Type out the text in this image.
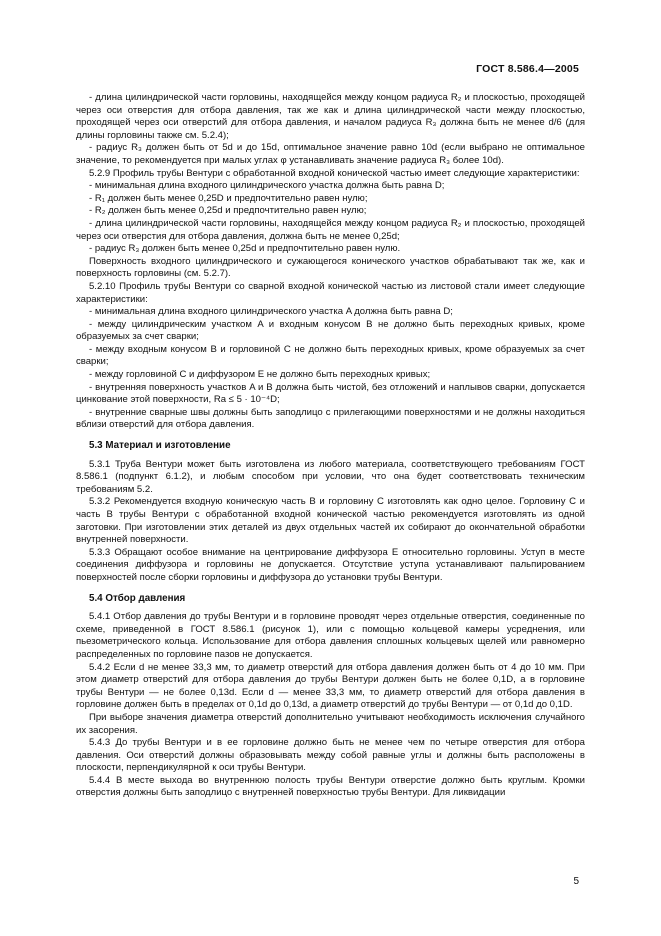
ГОСТ 8.586.4—2005

- длина цилиндрической части горловины, находящейся между концом радиуса R₂ и плоскостью, проходящей через оси отверстия для отбора давления, так же как и длина цилиндрической части между плоскостью, проходящей через оси отверстий для отбора давления, и началом радиуса R₃ должна быть не менее d/6 (для длины горловины также см. 5.2.4);

- радиус R₃ должен быть от 5d и до 15d, оптимальное значение равно 10d (если выбрано не оптимальное значение, то рекомендуется при малых углах φ устанавливать значение радиуса R₃ более 10d).

5.2.9 Профиль трубы Вентури с обработанной входной конической частью имеет следующие характеристики:

- минимальная длина входного цилиндрического участка должна быть равна D;

- R₁ должен быть менее 0,25D и предпочтительно равен нулю;

- R₂ должен быть менее 0,25d и предпочтительно равен нулю;

- длина цилиндрической части горловины, находящейся между концом радиуса R₂ и плоскостью, проходящей через оси отверстия для отбора давления, должна быть не менее 0,25d;

- радиус R₃ должен быть менее 0,25d и предпочтительно равен нулю.

Поверхность входного цилиндрического и сужающегося конического участков обрабатывают так же, как и поверхность горловины (см. 5.2.7).

5.2.10 Профиль трубы Вентури со сварной входной конической частью из листовой стали имеет следующие характеристики:

- минимальная длина входного цилиндрического участка A должна быть равна D;

- между цилиндрическим участком A и входным конусом B не должно быть переходных кривых, кроме образуемых за счет сварки;

- между входным конусом B и горловиной C не должно быть переходных кривых, кроме образуемых за счет сварки;

- между горловиной C и диффузором E не должно быть переходных кривых;

- внутренняя поверхность участков A и B должна быть чистой, без отложений и наплывов сварки, допускается цинкование этой поверхности, Ra ≤ 5 · 10⁻⁴D;

- внутренние сварные швы должны быть заподлицо с прилегающими поверхностями и не должны находиться вблизи отверстий для отбора давления.

5.3 Материал и изготовление

5.3.1 Труба Вентури может быть изготовлена из любого материала, соответствующего требованиям ГОСТ 8.586.1 (подпункт 6.1.2), и любым способом при условии, что она будет соответствовать техническим требованиям 5.2.

5.3.2 Рекомендуется входную коническую часть B и горловину C изготовлять как одно целое. Горловину C и часть B трубы Вентури с обработанной входной конической частью рекомендуется изготовлять из одной заготовки. При изготовлении этих деталей из двух отдельных частей их собирают до окончательной обработки внутренней поверхности.

5.3.3 Обращают особое внимание на центрирование диффузора E относительно горловины. Уступ в месте соединения диффузора и горловины не допускается. Отсутствие уступа устанавливают пальпированием поверхностей после сборки горловины и диффузора до установки трубы Вентури.

5.4 Отбор давления

5.4.1 Отбор давления до трубы Вентури и в горловине проводят через отдельные отверстия, соединенные по схеме, приведенной в ГОСТ 8.586.1 (рисунок 1), или с помощью кольцевой камеры усреднения, или пьезометрического кольца. Использование для отбора давления сплошных кольцевых щелей или равномерно распределенных по горловине пазов не допускается.

5.4.2 Если d не менее 33,3 мм, то диаметр отверстий для отбора давления должен быть от 4 до 10 мм. При этом диаметр отверстий для отбора давления до трубы Вентури должен быть не более 0,1D, а в горловине трубы Вентури — не более 0,13d. Если d — менее 33,3 мм, то диаметр отверстий для отбора давления в горловине должен быть в пределах от 0,1d до 0,13d, а диаметр отверстий до трубы Вентури — от 0,1d до 0,1D.

При выборе значения диаметра отверстий дополнительно учитывают необходимость исключения случайного их засорения.

5.4.3 До трубы Вентури и в ее горловине должно быть не менее чем по четыре отверстия для отбора давления. Оси отверстий должны образовывать между собой равные углы и должны быть расположены в плоскости, перпендикулярной к оси трубы Вентури.

5.4.4 В месте выхода во внутреннюю полость трубы Вентури отверстие должно быть круглым. Кромки отверстия должны быть заподлицо с внутренней поверхностью трубы Вентури. Для ликвидации

5
